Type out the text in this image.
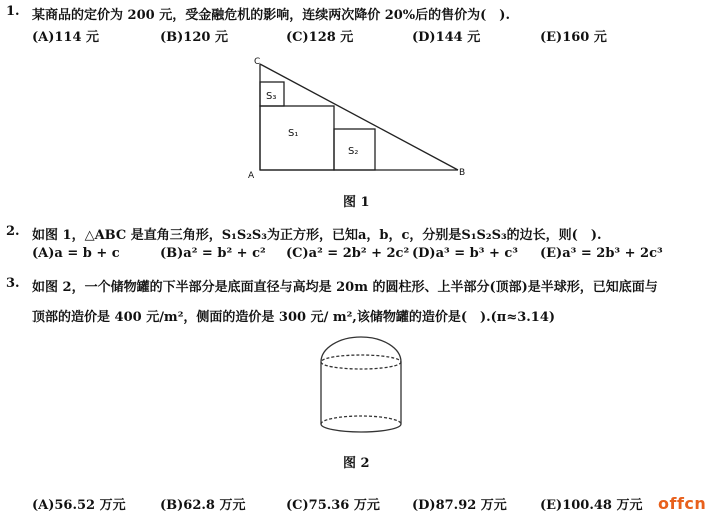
1. 某商品的定价为 200 元，受金融危机的影响，连续两次降价 20%后的售价为(　).
(A)114 元	(B)120 元	(C)128 元	(D)144 元	(E)160 元
C
A	B
S₃
S₁
S₂
图 1
2. 如图 1，△ABC 是直角三角形，S₁S₂S₃为正方形，已知a，b，c，分别是S₁S₂S₃的边长，则(　).
(A)a = b + c	(B)a² = b² + c² (C)a² = 2b² + 2c² (D)a³ = b³ + c³ (E)a³ = 2b³ + 2c³
3. 如图 2，一个储物罐的下半部分是底面直径与高均是 20m 的圆柱形、上半部分(顶部)是半球形，已知底面与
顶部的造价是 400 元/m²，侧面的造价是 300 元/ m²,该储物罐的造价是(　).(π≈3.14)
图 2
(A)56.52 万元	(B)62.8 万元	(C)75.36 万元 (D)87.92 万元	(E)100.48 万元 offcn
